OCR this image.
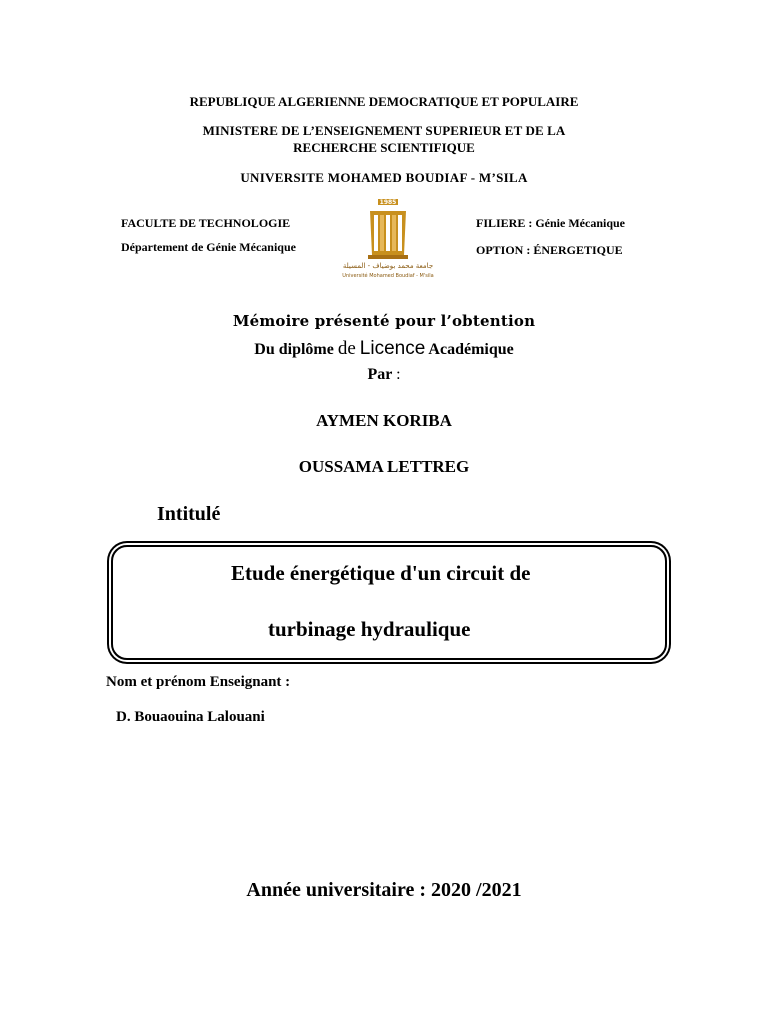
REPUBLIQUE ALGERIENNE DEMOCRATIQUE ET POPULAIRE
MINISTERE DE L’ENSEIGNEMENT SUPERIEUR ET DE LA
RECHERCHE SCIENTIFIQUE
UNIVERSITE MOHAMED BOUDIAF - M’SILA
FACULTE DE TECHNOLOGIE
Département de Génie Mécanique
FILIERE : Génie Mécanique
OPTION : ÉNERGETIQUE
1985
جامعة محمد بوضياف - المسيلة
Université Mohamed Boudiaf - M'sila
Mémoire présenté pour l’obtention
Du diplôme de Licence Académique
Par :
AYMEN KORIBA
OUSSAMA LETTREG
Intitulé
Etude énergétique d'un circuit de
turbinage hydraulique
Nom et prénom Enseignant :
D. Bouaouina Lalouani
Année universitaire : 2020 /2021
